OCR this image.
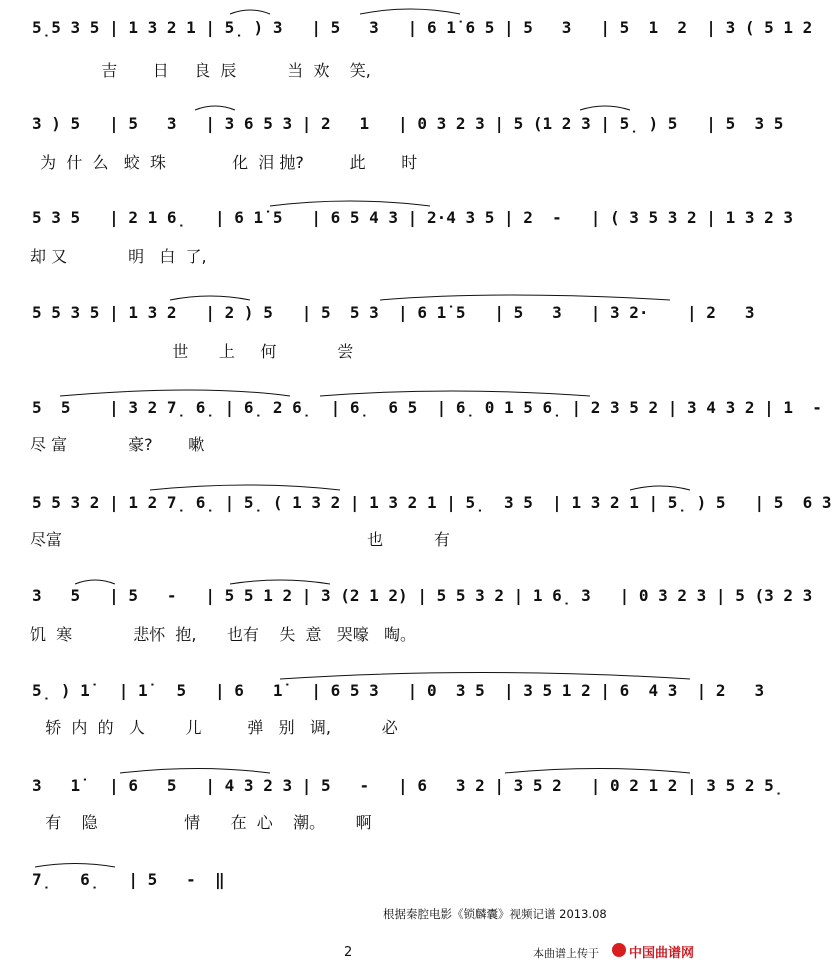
5̣5 3 5 | 1 3 2 1 | 5̣ ) 3   | 5   3   | 6 1̇ 6 5 | 5   3   | 5  1  2  | 3 ( 5 1 2
吉       日     良  辰          当  欢    笑,
3 ) 5   | 5   3   | 3 6 5 3 | 2   1   | 0 3 2 3 | 5 (1 2 3 | 5̣ ) 5   | 5  3 5
为  什  么   蛟  珠             化  泪 抛?         此       时
5 3 5   | 2 1 6̣   | 6 1̇ 5   | 6 5 4 3 | 2·4 3 5 | 2  -   | ( 3 5 3 2 | 1 3 2 3
却 又            明   白  了,
5 5 3 5 | 1 3 2   | 2 ) 5   | 5  5 3  | 6 1̇ 5   | 5   3   | 3 2·    | 2   3
世      上     何            尝
5  5    | 3 2 7̣ 6̣ | 6̣ 2 6̣  | 6̣  6 5  | 6̣ 0 1 5 6̣ | 2 3 5 2 | 3 4 3 2 | 1  -
尽 富            豪?       嗽
5 5 3 2 | 1 2 7̣ 6̣ | 5̣ ( 1 3 2 | 1 3 2 1 | 5̣  3 5  | 1 3 2 1 | 5̣ ) 5   | 5  6 3
尽富                                                            也          有
3   5   | 5   -   | 5 5 1 2 | 3 (2 1 2) | 5 5 3 2 | 1 6̣ 3   | 0 3 2 3 | 5 (3 2 3
饥  寒            悲怀  抱,      也有    失  意   哭嚎   啕。
5̣ ) 1̇   | 1̇   5   | 6   1̇   | 6 5 3   | 0  3 5  | 3 5 1 2 | 6  4 3  | 2   3
轿  内  的   人        儿         弹   别   调,          必
3   1̇   | 6   5   | 4 3 2 3 | 5   -   | 6   3 2 | 3 5 2   | 0 2 1 2 | 3 5 2 5̣
有    隐                 情      在  心    潮。      啊
7̣   6̣   | 5   -  ‖
根据秦腔电影《锁麟囊》视频记谱 2013.08
2	本曲谱上传于 中国曲谱网
